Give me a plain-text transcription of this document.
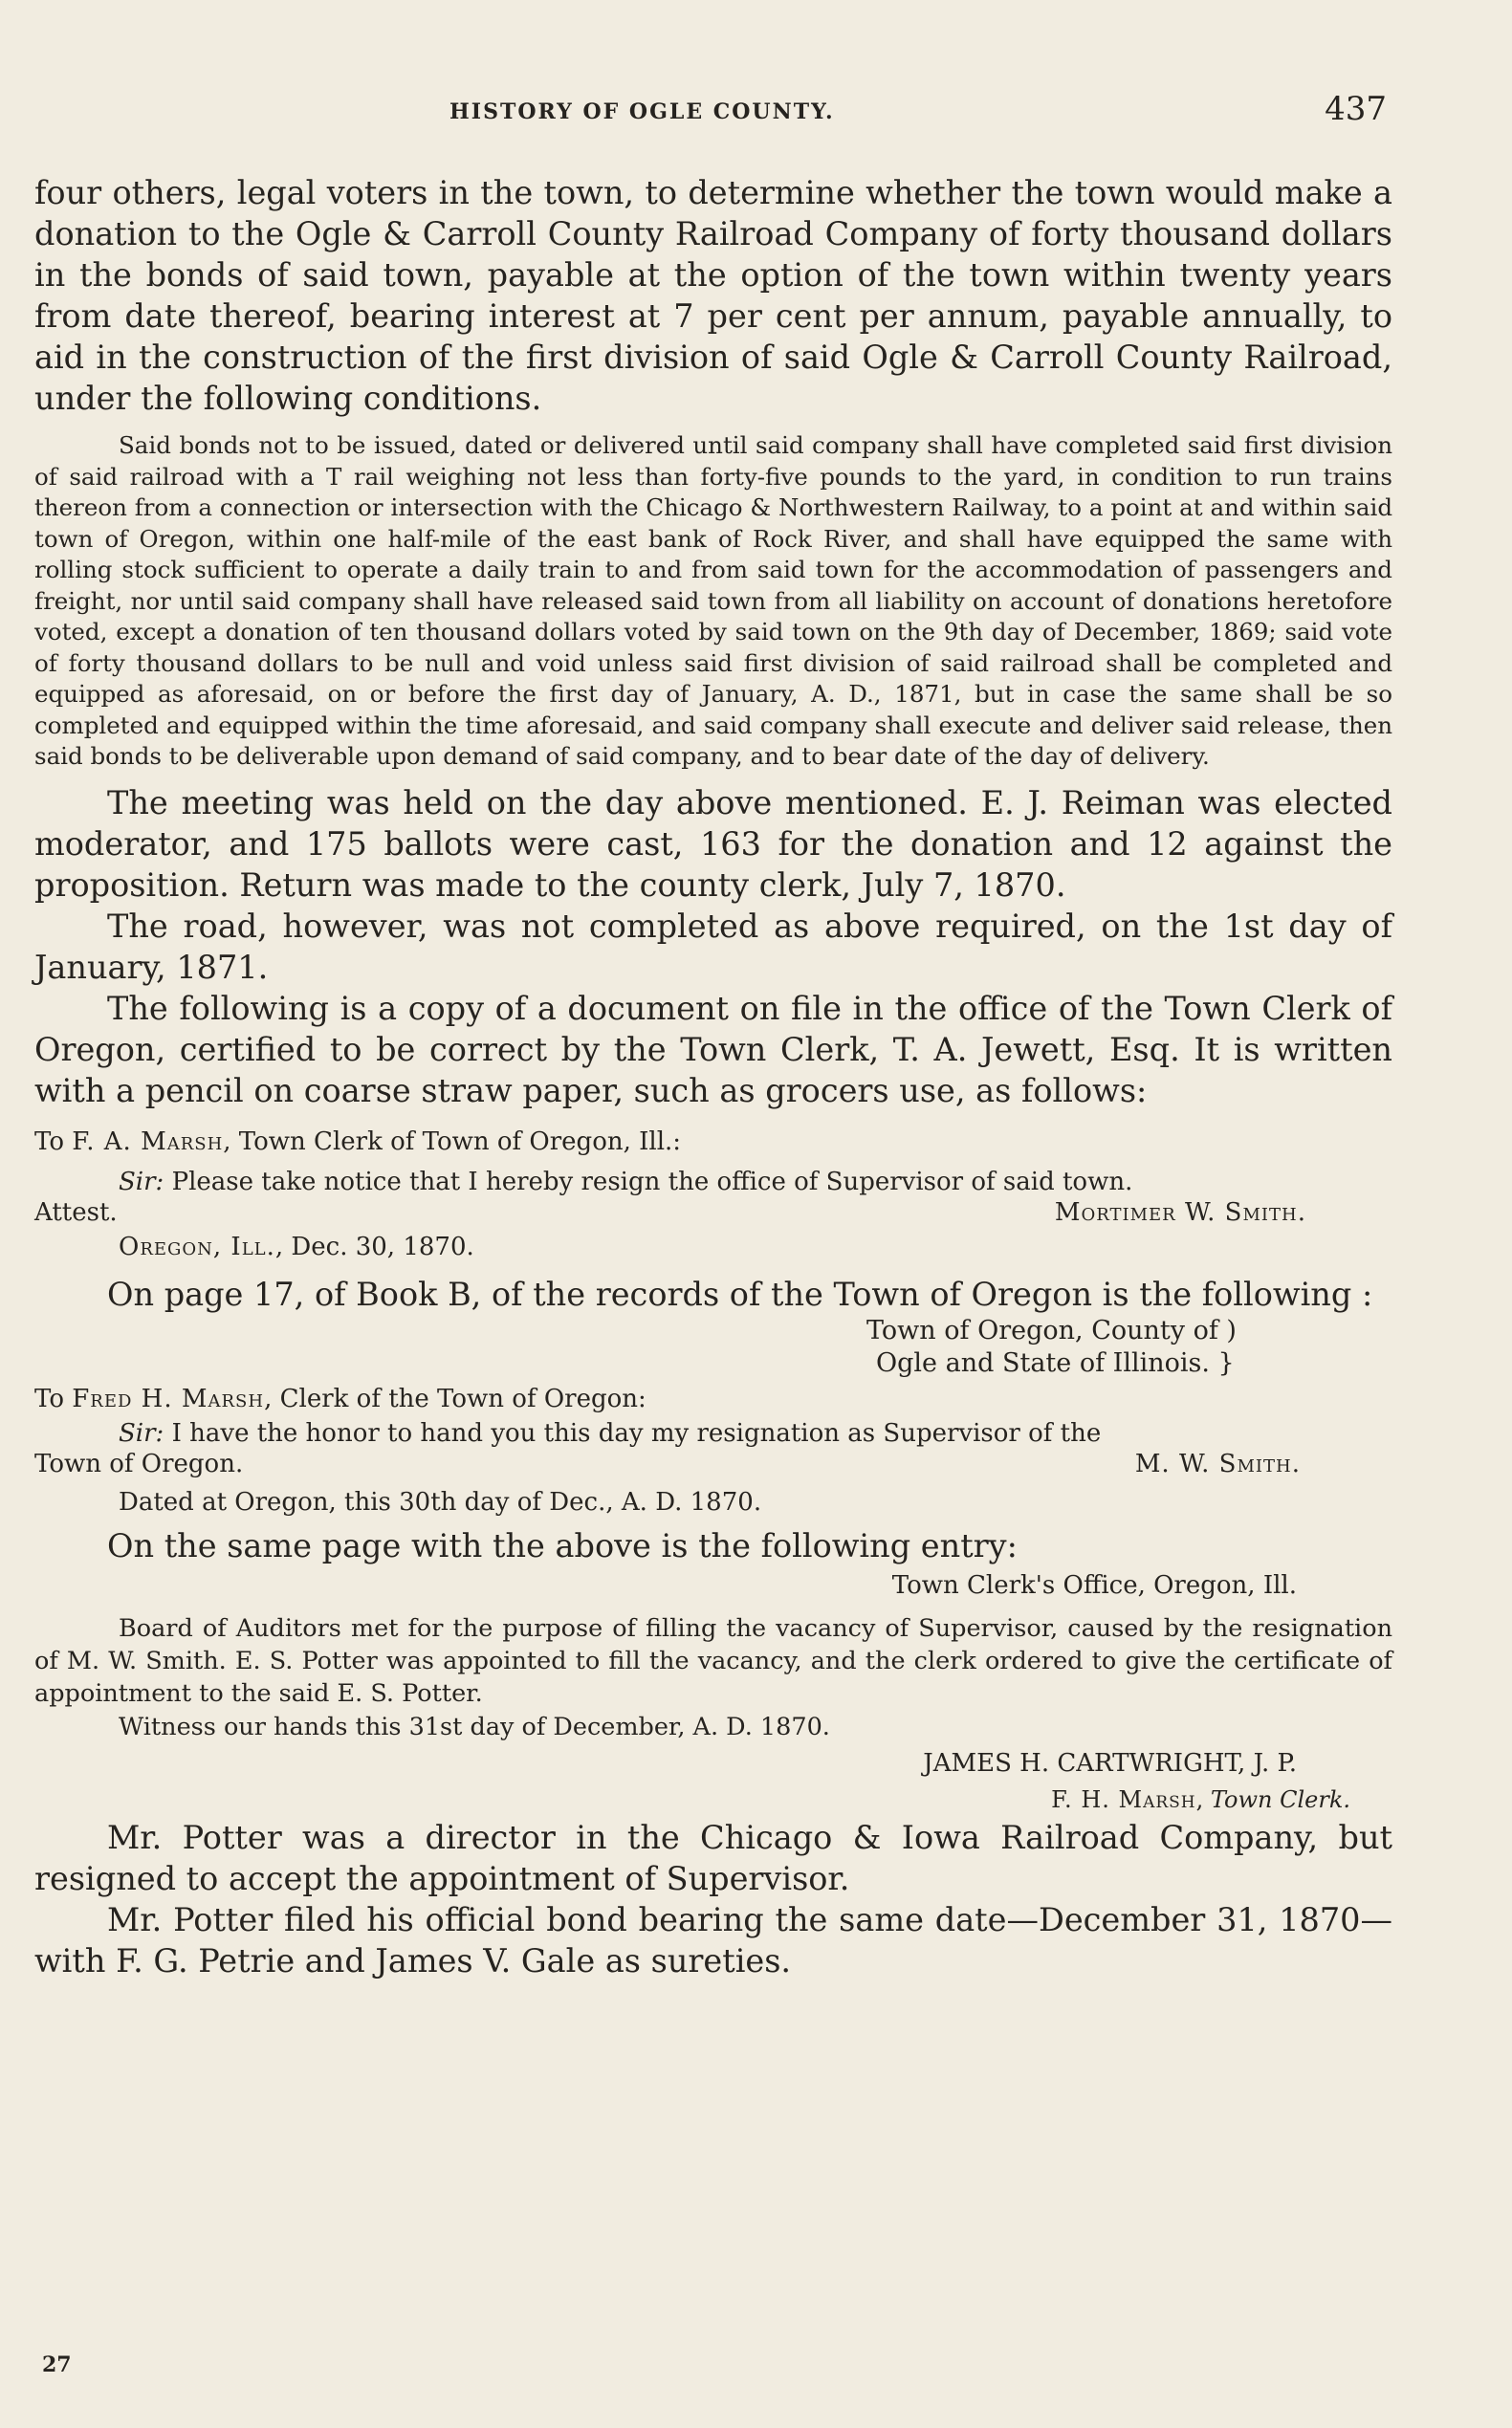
HISTORY OF OGLE COUNTY.	437

four others, legal voters in the town, to determine whether the town would make a donation to the Ogle & Carroll County Railroad Company of forty thousand dollars in the bonds of said town, payable at the option of the town within twenty years from date thereof, bearing interest at 7 per cent per annum, payable annually, to aid in the construction of the first division of said Ogle & Carroll County Railroad, under the following conditions.

Said bonds not to be issued, dated or delivered until said company shall have completed said first division of said railroad with a T rail weighing not less than forty-five pounds to the yard, in condition to run trains thereon from a connection or intersection with the Chicago & Northwestern Railway, to a point at and within said town of Oregon, within one half-mile of the east bank of Rock River, and shall have equipped the same with rolling stock sufficient to operate a daily train to and from said town for the accommodation of passengers and freight, nor until said company shall have released said town from all liability on account of donations heretofore voted, except a donation of ten thousand dollars voted by said town on the 9th day of December, 1869; said vote of forty thousand dollars to be null and void unless said first division of said railroad shall be completed and equipped as aforesaid, on or before the first day of January, A. D., 1871, but in case the same shall be so completed and equipped within the time aforesaid, and said company shall execute and deliver said release, then said bonds to be deliverable upon demand of said company, and to bear date of the day of delivery.

The meeting was held on the day above mentioned. E. J. Reiman was elected moderator, and 175 ballots were cast, 163 for the donation and 12 against the proposition. Return was made to the county clerk, July 7, 1870.

The road, however, was not completed as above required, on the 1st day of January, 1871.

The following is a copy of a document on file in the office of the Town Clerk of Oregon, certified to be correct by the Town Clerk, T. A. Jewett, Esq. It is written with a pencil on coarse straw paper, such as grocers use, as follows:

To F. A. Marsh, Town Clerk of Town of Oregon, Ill.:

Sir: Please take notice that I hereby resign the office of Supervisor of said town.

Attest.	Mortimer W. Smith.

Oregon, Ill., Dec. 30, 1870.

On page 17, of Book B, of the records of the Town of Oregon is the following :

Town of Oregon, County of )
Ogle and State of Illinois. }

To Fred H. Marsh, Clerk of the Town of Oregon:

Sir: I have the honor to hand you this day my resignation as Supervisor of the

Town of Oregon.	M. W. Smith.

Dated at Oregon, this 30th day of Dec., A. D. 1870.

On the same page with the above is the following entry:

Town Clerk's Office, Oregon, Ill.

Board of Auditors met for the purpose of filling the vacancy of Supervisor, caused by the resignation of M. W. Smith. E. S. Potter was appointed to fill the vacancy, and the clerk ordered to give the certificate of appointment to the said E. S. Potter.

Witness our hands this 31st day of December, A. D. 1870.

JAMES H. CARTWRIGHT, J. P.
F. H. Marsh, Town Clerk.

Mr. Potter was a director in the Chicago & Iowa Railroad Company, but resigned to accept the appointment of Supervisor.

Mr. Potter filed his official bond bearing the same date—December 31, 1870—with F. G. Petrie and James V. Gale as sureties.

27
